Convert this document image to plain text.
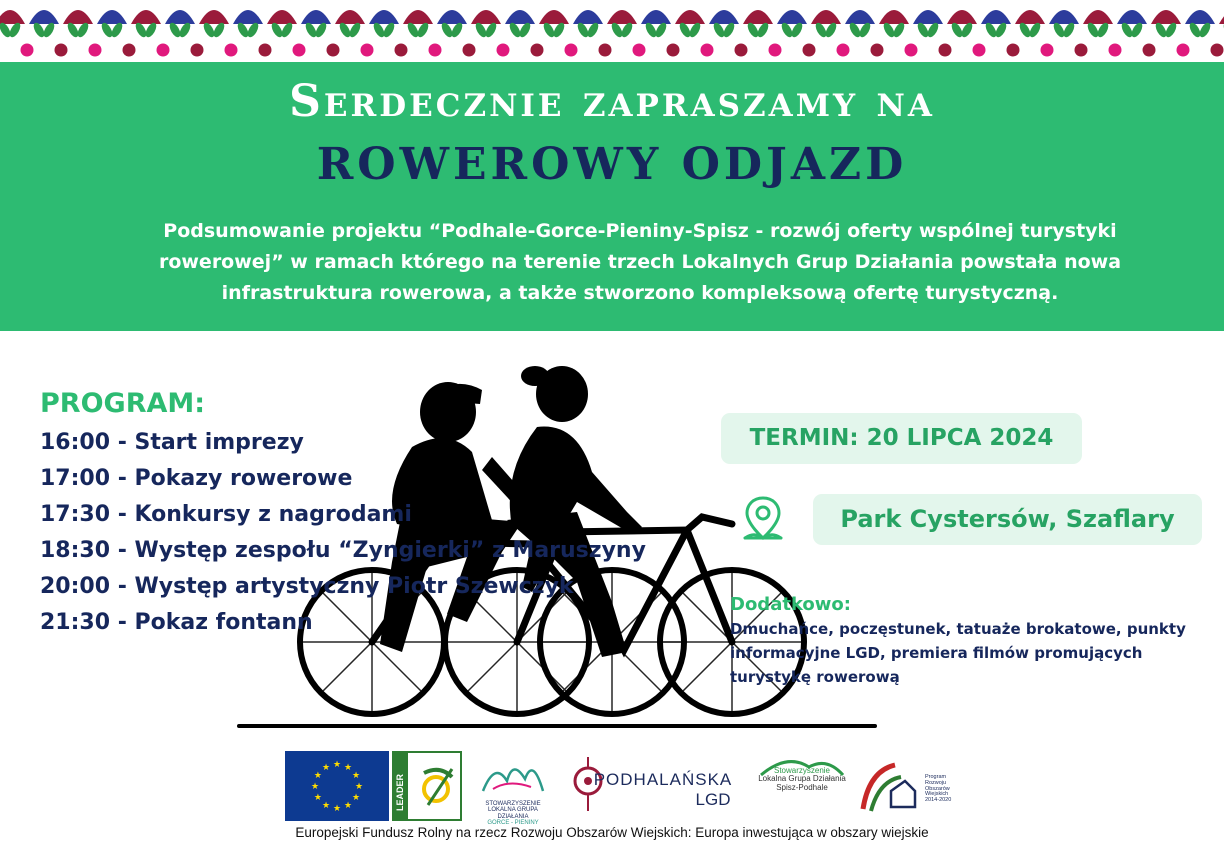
Serdecznie zapraszamy na
ROWEROWY ODJAZD
Podsumowanie projektu “Podhale-Gorce-Pieniny-Spisz - rozwój oferty wspólnej turystyki rowerowej” w ramach którego na terenie trzech Lokalnych Grup Działania powstała nowa infrastruktura rowerowa, a także stworzono kompleksową ofertę turystyczną.
PROGRAM:
16:00 - Start imprezy
17:00 - Pokazy rowerowe
17:30 - Konkursy z nagrodami
18:30 - Występ zespołu “Zyngierki” z Maruszyny
20:00 - Występ artystyczny Piotr Szewczyk
21:30 - Pokaz fontann
TERMIN: 20 LIPCA 2024
Park Cystersów, Szaflary
Dodatkowo:
Dmuchańce, poczęstunek, tatuaże brokatowe, punkty informacyjne LGD, premiera filmów promujących turystykę rowerową
★
★
★
★
★
★
★
★
★ ★ ★
★	LEADER	STOWARZYSZENIE
LOKALNA GRUPA DZIAŁANIA
GORCE - PIENINY
PODHALAŃSKA
LGD
Stowarzyszenie
Lokalna Grupa Działania
Spisz-Podhale
Program
Rozwoju
Obszarów
Wiejskich
2014-2020
Europejski Fundusz Rolny na rzecz Rozwoju Obszarów Wiejskich: Europa inwestująca w obszary wiejskie
